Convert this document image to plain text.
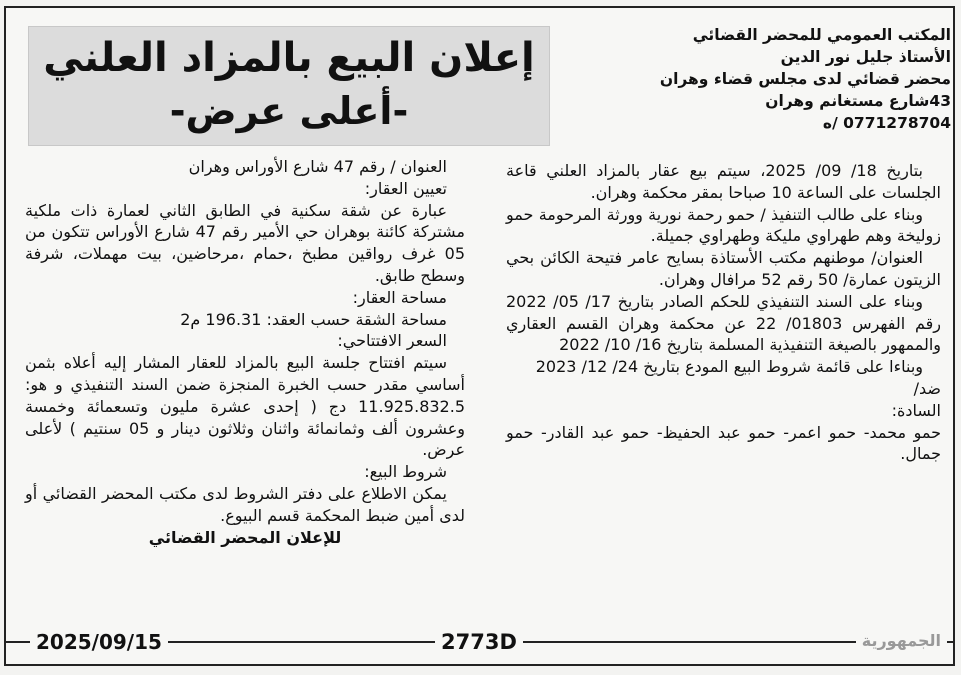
المكتب العمومي للمحضر القضائي
الأستاذ جليل نور الدين
محضر قضائي لدى مجلس قضاء وهران
43شارع مستغانم وهران
0771278704 /ه
إعلان البيع بالمزاد العلني
-أعلى عرض-

بتاريخ 18/ 09/ 2025، سيتم بيع عقار بالمزاد العلني قاعة الجلسات على الساعة 10 صباحا بمقر محكمة وهران.

وبناء على طالب التنفيذ / حمو رحمة نورية وورثة المرحومة حمو زوليخة وهم طهراوي مليكة وطهراوي جميلة.

العنوان/ موطنهم مكتب الأستاذة بسايح عامر فتيحة الكائن بحي الزيتون عمارة/ 50 رقم 52 مرافال وهران.

وبناء على السند التنفيذي للحكم الصادر بتاريخ 17/ 05/ 2022 رقم الفهرس 01803/ 22 عن محكمة وهران القسم العقاري والممهور بالصيغة التنفيذية المسلمة بتاريخ 16/ 10/ 2022

وبناءا على قائمة شروط البيع المودع بتاريخ 24/ 12/ 2023

ضد/

السادة:

حمو محمد- حمو اعمر- حمو عبد الحفيظ- حمو عبد القادر- حمو جمال.

العنوان / رقم 47 شارع الأوراس وهران

تعيين العقار:

عبارة عن شقة سكنية في الطابق الثاني لعمارة ذات ملكية مشتركة كائنة بوهران حي الأمير رقم 47 شارع الأوراس تتكون من 05 غرف رواقين مطبخ ،حمام ،مرحاضين، بيت مهملات، شرفة وسطح طابق.

مساحة العقار:

مساحة الشقة حسب العقد: 196.31 م2

السعر الافتتاحي:

سيتم افتتاح جلسة البيع بالمزاد للعقار المشار إليه أعلاه بثمن أساسي مقدر حسب الخبرة المنجزة ضمن السند التنفيذي و هو: 11.925.832.5 دج ( إحدى عشرة مليون وتسعمائة وخمسة وعشرون ألف وثمانمائة واثنان وثلاثون دينار و 05 سنتيم ) لأعلى عرض.

شروط البيع:

يمكن الاطلاع على دفتر الشروط لدى مكتب المحضر القضائي أو لدى أمين ضبط المحكمة قسم البيوع.

للإعلان المحضر القضائي

2025/09/15	2773D	الجمهورية
